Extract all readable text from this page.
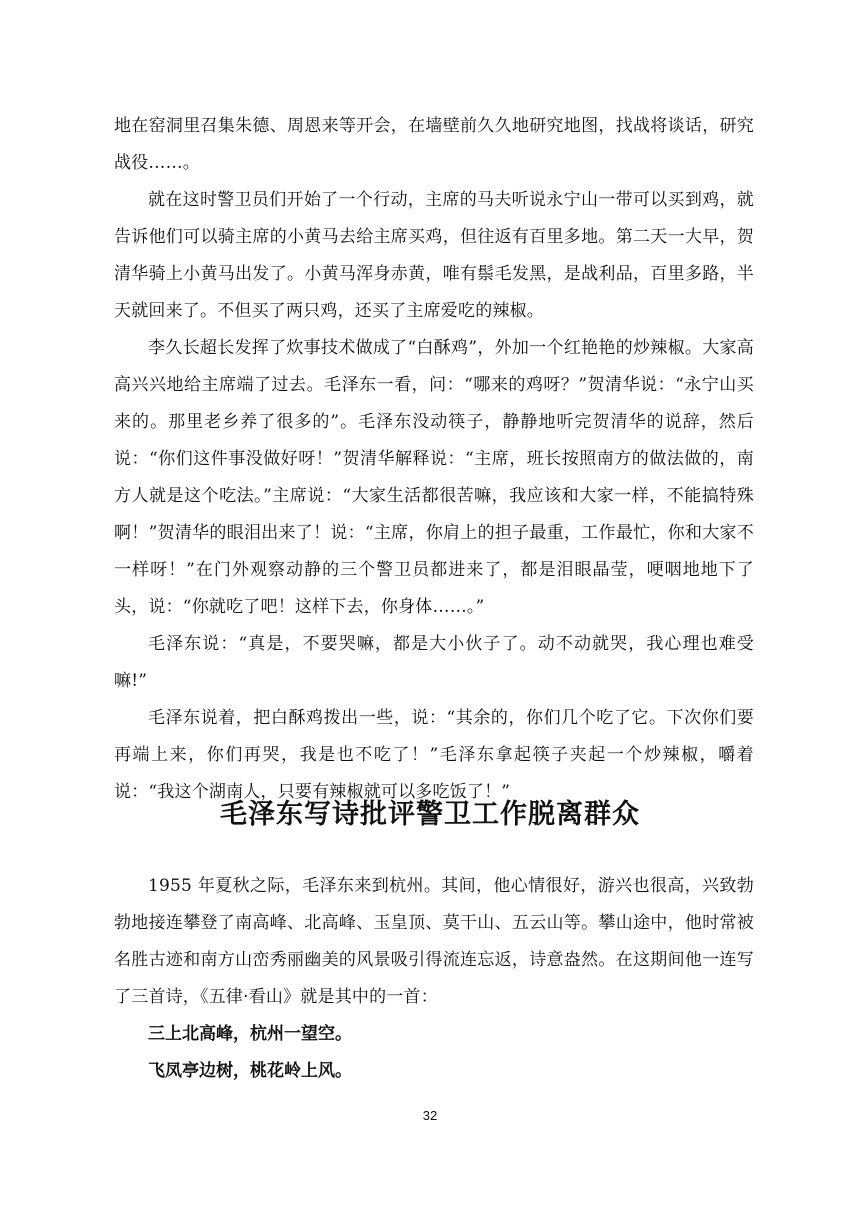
地在窑洞里召集朱德、周恩来等开会，在墙壁前久久地研究地图，找战将谈话，研究战役……。

就在这时警卫员们开始了一个行动，主席的马夫听说永宁山一带可以买到鸡，就告诉他们可以骑主席的小黄马去给主席买鸡，但往返有百里多地。第二天一大早，贺清华骑上小黄马出发了。小黄马浑身赤黄，唯有鬃毛发黑，是战利品，百里多路，半天就回来了。不但买了两只鸡，还买了主席爱吃的辣椒。

李久长超长发挥了炊事技术做成了“白酥鸡”，外加一个红艳艳的炒辣椒。大家高高兴兴地给主席端了过去。毛泽东一看，问：“哪来的鸡呀？”贺清华说：“永宁山买来的。那里老乡养了很多的”。毛泽东没动筷子，静静地听完贺清华的说辞，然后说：“你们这件事没做好呀！”贺清华解释说：“主席，班长按照南方的做法做的，南方人就是这个吃法。”主席说：“大家生活都很苦嘛，我应该和大家一样，不能搞特殊啊！”贺清华的眼泪出来了！说：“主席，你肩上的担子最重，工作最忙，你和大家不一样呀！”在门外观察动静的三个警卫员都进来了，都是泪眼晶莹，哽咽地地下了头，说：“你就吃了吧！这样下去，你身体……。”

毛泽东说：“真是，不要哭嘛，都是大小伙子了。动不动就哭，我心理也难受嘛!”

毛泽东说着，把白酥鸡拨出一些，说：“其余的，你们几个吃了它。下次你们要再端上来，你们再哭，我是也不吃了！”毛泽东拿起筷子夹起一个炒辣椒，嚼着说：“我这个湖南人，只要有辣椒就可以多吃饭了！”

毛泽东写诗批评警卫工作脱离群众

1955 年夏秋之际，毛泽东来到杭州。其间，他心情很好，游兴也很高，兴致勃勃地接连攀登了南高峰、北高峰、玉皇顶、莫干山、五云山等。攀山途中，他时常被名胜古迹和南方山峦秀丽幽美的风景吸引得流连忘返，诗意盎然。在这期间他一连写了三首诗，《五律·看山》就是其中的一首：

三上北高峰，杭州一望空。

飞凤亭边树，桃花岭上风。

32
